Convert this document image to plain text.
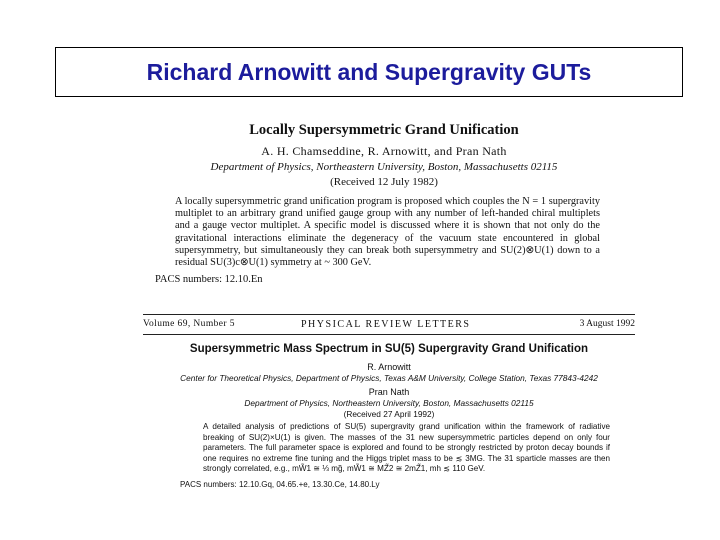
Richard Arnowitt and Supergravity GUTs
Locally Supersymmetric Grand Unification
A. H. Chamseddine, R. Arnowitt, and Pran Nath
Department of Physics, Northeastern University, Boston, Massachusetts 02115
(Received 12 July 1982)
A locally supersymmetric grand unification program is proposed which couples the N = 1 supergravity multiplet to an arbitrary grand unified gauge group with any number of left-handed chiral multiplets and a gauge vector multiplet. A specific model is discussed where it is shown that not only do the gravitational interactions eliminate the degeneracy of the vacuum state encountered in global supersymmetry, but simultaneously they can break both supersymmetry and SU(2)⊗U(1) down to a residual SU(3)c⊗U(1) symmetry at ~ 300 GeV.
PACS numbers: 12.10.En
Volume 69, Number 5	PHYSICAL REVIEW LETTERS	3 August 1992
Supersymmetric Mass Spectrum in SU(5) Supergravity Grand Unification
R. Arnowitt
Center for Theoretical Physics, Department of Physics, Texas A&M University, College Station, Texas 77843-4242
Pran Nath
Department of Physics, Northeastern University, Boston, Massachusetts 02115
(Received 27 April 1992)
A detailed analysis of predictions of SU(5) supergravity grand unification within the framework of radiative breaking of SU(2)×U(1) is given. The masses of the 31 new supersymmetric particles depend on only four parameters. The full parameter space is explored and found to be strongly restricted by proton decay bounds if one requires no extreme fine tuning and the Higgs triplet mass to be ≲ 3MG. The 31 sparticle masses are then strongly correlated, e.g., mW̃1 ≅ ⅓ mg̃, mW̃1 ≅ MZ̃2 ≅ 2mZ̃1, mh ≲ 110 GeV.
PACS numbers: 12.10.Gq, 04.65.+e, 13.30.Ce, 14.80.Ly
